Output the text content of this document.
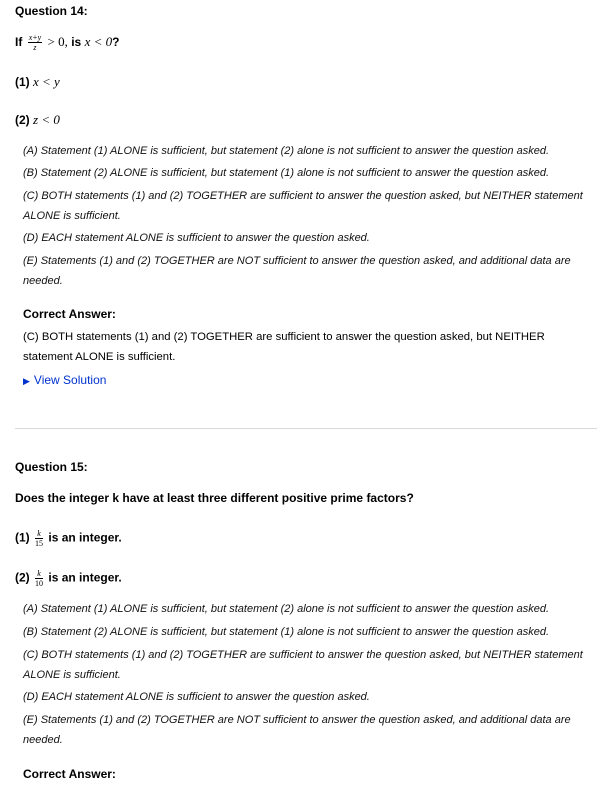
Question 14:
If $\frac{x+y}{z} > 0$, is x < 0?
(1) x < y
(2) z < 0
(A) Statement (1) ALONE is sufficient, but statement (2) alone is not sufficient to answer the question asked.
(B) Statement (2) ALONE is sufficient, but statement (1) alone is not sufficient to answer the question asked.
(C) BOTH statements (1) and (2) TOGETHER are sufficient to answer the question asked, but NEITHER statement ALONE is sufficient.
(D) EACH statement ALONE is sufficient to answer the question asked.
(E) Statements (1) and (2) TOGETHER are NOT sufficient to answer the question asked, and additional data are needed.
Correct Answer:
(C) BOTH statements (1) and (2) TOGETHER are sufficient to answer the question asked, but NEITHER statement ALONE is sufficient.
▶ View Solution
Question 15:
Does the integer k have at least three different positive prime factors?
$(1) \frac{k}{15}$ is an integer.
$(2) \frac{k}{10}$ is an integer.
(A) Statement (1) ALONE is sufficient, but statement (2) alone is not sufficient to answer the question asked.
(B) Statement (2) ALONE is sufficient, but statement (1) alone is not sufficient to answer the question asked.
(C) BOTH statements (1) and (2) TOGETHER are sufficient to answer the question asked, but NEITHER statement ALONE is sufficient.
(D) EACH statement ALONE is sufficient to answer the question asked.
(E) Statements (1) and (2) TOGETHER are NOT sufficient to answer the question asked, and additional data are needed.
Correct Answer:
